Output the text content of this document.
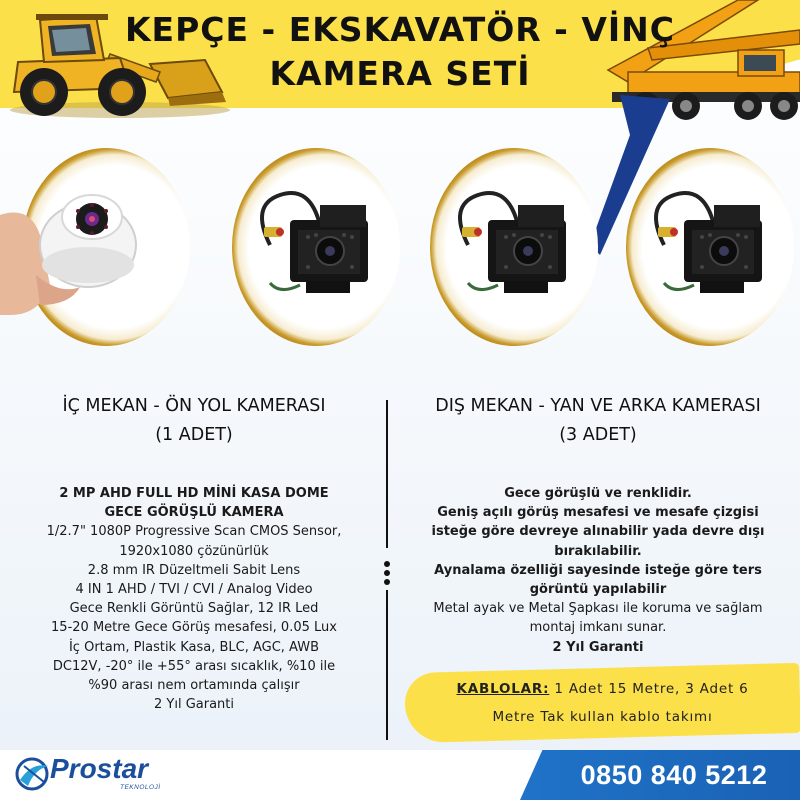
KEPÇE - EKSKAVATÖR - VİNÇ
KAMERA SETİ
İÇ MEKAN - ÖN YOL KAMERASI
(1 ADET)
DIŞ MEKAN - YAN VE ARKA KAMERASI
(3 ADET)
2 MP AHD FULL HD MİNİ KASA DOME
GECE GÖRÜŞLÜ KAMERA
1/2.7" 1080P Progressive Scan CMOS Sensor,
1920x1080 çözünürlük
2.8 mm IR Düzeltmeli Sabit Lens
4 IN 1 AHD / TVI / CVI / Analog Video
Gece Renkli Görüntü Sağlar, 12 IR Led
15-20 Metre Gece Görüş mesafesi, 0.05 Lux
İç Ortam, Plastik Kasa, BLC, AGC, AWB
DC12V, -20° ile +55° arası sıcaklık, %10 ile
%90 arası nem ortamında çalışır
2 Yıl Garanti
Gece görüşlü ve renklidir.
Geniş açılı görüş mesafesi ve mesafe çizgisi
isteğe göre devreye alınabilir yada devre dışı
bırakılabilir.
Aynalama özelliği sayesinde isteğe göre ters
görüntü yapılabilir
Metal ayak ve Metal Şapkası ile koruma ve sağlam
montaj imkanı sunar.
2 Yıl Garanti
KABLOLAR: 1 Adet 15 Metre, 3 Adet 6
Metre Tak kullan kablo takımı
Prostar
TEKNOLOJİ	0850 840 5212
